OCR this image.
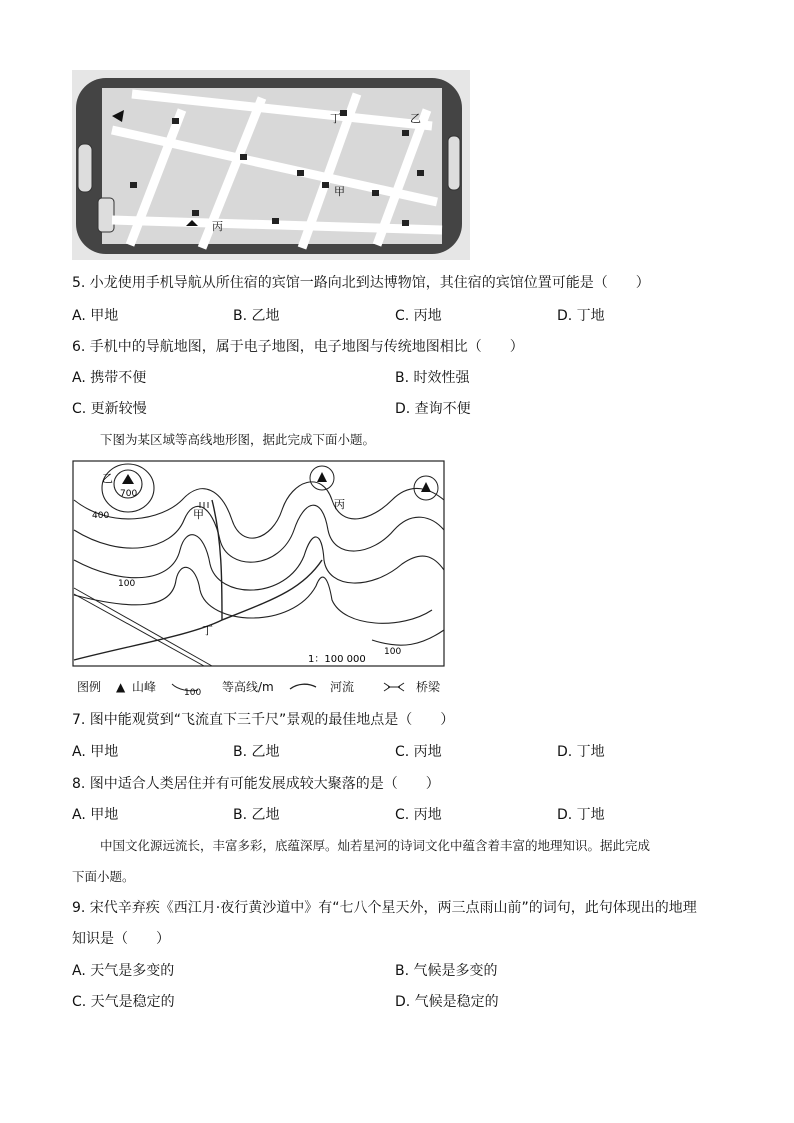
丁	乙
甲
丙
5. 小龙使用手机导航从所住宿的宾馆一路向北到达博物馆，其住宿的宾馆位置可能是（　　）
A. 甲地	B. 乙地	C. 丙地	D. 丁地
6. 手机中的导航地图，属于电子地图，电子地图与传统地图相比（　　）
A. 携带不便	B. 时效性强
C. 更新较慢	D. 查询不便
下图为某区域等高线地形图，据此完成下面小题。
乙
700
400	甲
丙
100
丁
100
1：100 000
图例 ▲ 山峰	100 等高线/m	河流	桥梁
7. 图中能观赏到“飞流直下三千尺”景观的最佳地点是（　　）
A. 甲地	B. 乙地	C. 丙地	D. 丁地
8. 图中适合人类居住并有可能发展成较大聚落的是（　　）
A. 甲地	B. 乙地	C. 丙地	D. 丁地
中国文化源远流长，丰富多彩，底蕴深厚。灿若星河的诗词文化中蕴含着丰富的地理知识。据此完成
下面小题。
9. 宋代辛弃疾《西江月·夜行黄沙道中》有“七八个星天外，两三点雨山前”的词句，此句体现出的地理
知识是（　　）
A. 天气是多变的	B. 气候是多变的
C. 天气是稳定的	D. 气候是稳定的
